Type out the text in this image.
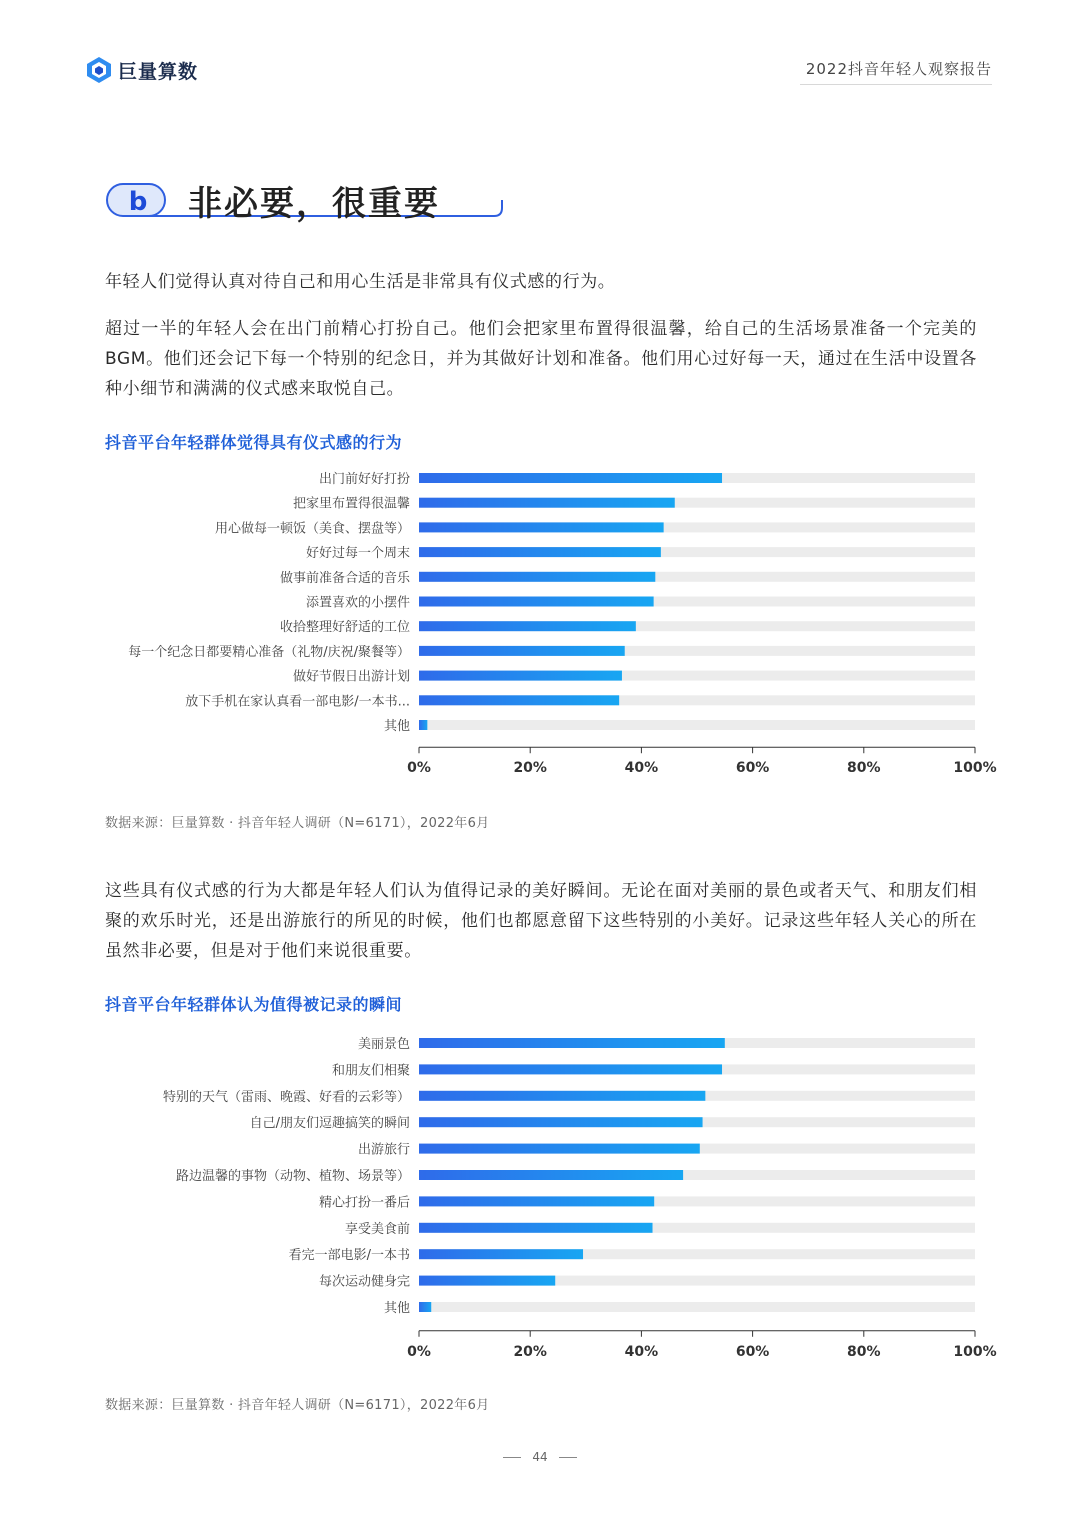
巨量算数	2022抖音年轻人观察报告
b	非必要，很重要

年轻人们觉得认真对待自己和用心生活是非常具有仪式感的行为。

超过一半的年轻人会在出门前精心打扮自己。他们会把家里布置得很温馨，给自己的生活场景准备一个完美的BGM。他们还会记下每一个特别的纪念日，并为其做好计划和准备。他们用心过好每一天，通过在生活中设置各种小细节和满满的仪式感来取悦自己。

抖音平台年轻群体觉得具有仪式感的行为
出门前好好打扮
把家里布置得很温馨
用心做每一顿饭（美食、摆盘等）
好好过每一个周末
做事前准备合适的音乐
添置喜欢的小摆件
收拾整理好舒适的工位
每一个纪念日都要精心准备（礼物/庆祝/聚餐等）
做好节假日出游计划
放下手机在家认真看一部电影/一本书...
其他
0%	20%	40%	60%	80%	100%
数据来源：巨量算数 · 抖音年轻人调研（N=6171），2022年6月

这些具有仪式感的行为大都是年轻人们认为值得记录的美好瞬间。无论在面对美丽的景色或者天气、和朋友们相聚的欢乐时光，还是出游旅行的所见的时候，他们也都愿意留下这些特别的小美好。记录这些年轻人关心的所在虽然非必要，但是对于他们来说很重要。

抖音平台年轻群体认为值得被记录的瞬间
美丽景色
和朋友们相聚
特别的天气（雷雨、晚霞、好看的云彩等）
自己/朋友们逗趣搞笑的瞬间
出游旅行
路边温馨的事物（动物、植物、场景等）
精心打扮一番后
享受美食前
看完一部电影/一本书
每次运动健身完
其他
0%	20%	40%	60%	80%	100%
数据来源：巨量算数 · 抖音年轻人调研（N=6171），2022年6月
44
